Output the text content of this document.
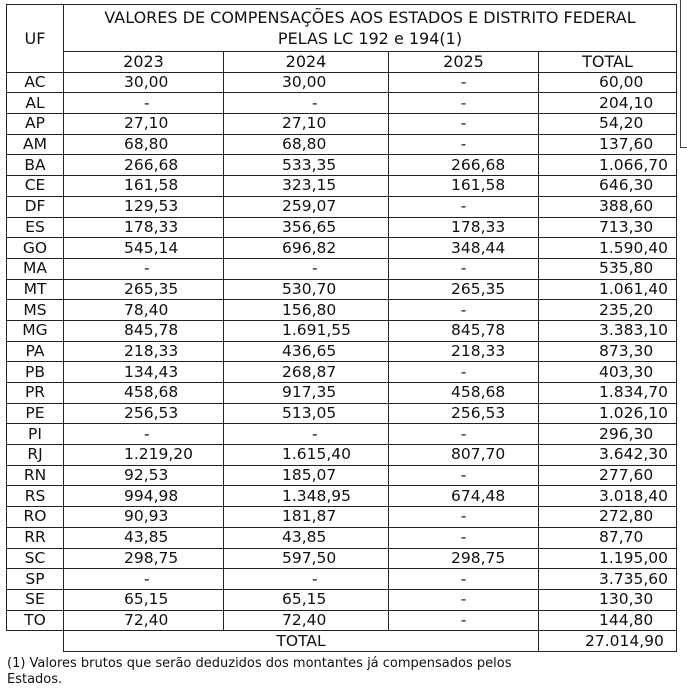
UF	VALORES DE COMPENSAÇÕES AOS ESTADOS E DISTRITO FEDERAL
PELAS LC 192 e 194(1)			

	2023	2024	2025	TOTAL
AC	30,00	30,00	-	60,00
AL	-	-	-	204,10
AP	27,10	27,10	-	54,20
AM	68,80	68,80	-	137,60
BA	266,68	533,35	266,68	1.066,70
CE	161,58	323,15	161,58	646,30
DF	129,53	259,07	-	388,60
ES	178,33	356,65	178,33	713,30
GO	545,14	696,82	348,44	1.590,40
MA	-	-	-	535,80
MT	265,35	530,70	265,35	1.061,40
MS	78,40	156,80	-	235,20
MG	845,78	1.691,55	845,78	3.383,10
PA	218,33	436,65	218,33	873,30
PB	134,43	268,87	-	403,30
PR	458,68	917,35	458,68	1.834,70
PE	256,53	513,05	256,53	1.026,10
PI	-	-	-	296,30
RJ	1.219,20	1.615,40	807,70	3.642,30
RN	92,53	185,07	-	277,60
RS	994,98	1.348,95	674,48	3.018,40
RO	90,93	181,87	-	272,80
RR	43,85	43,85	-	87,70
SC	298,75	597,50	298,75	1.195,00
SP	-	-	-	3.735,60
SE	65,15	65,15	-	130,30
TO	72,40	72,40	-	144,80
	TOTAL			27.014,90
(1) Valores brutos que serão deduzidos dos montantes já compensados pelos Estados.
